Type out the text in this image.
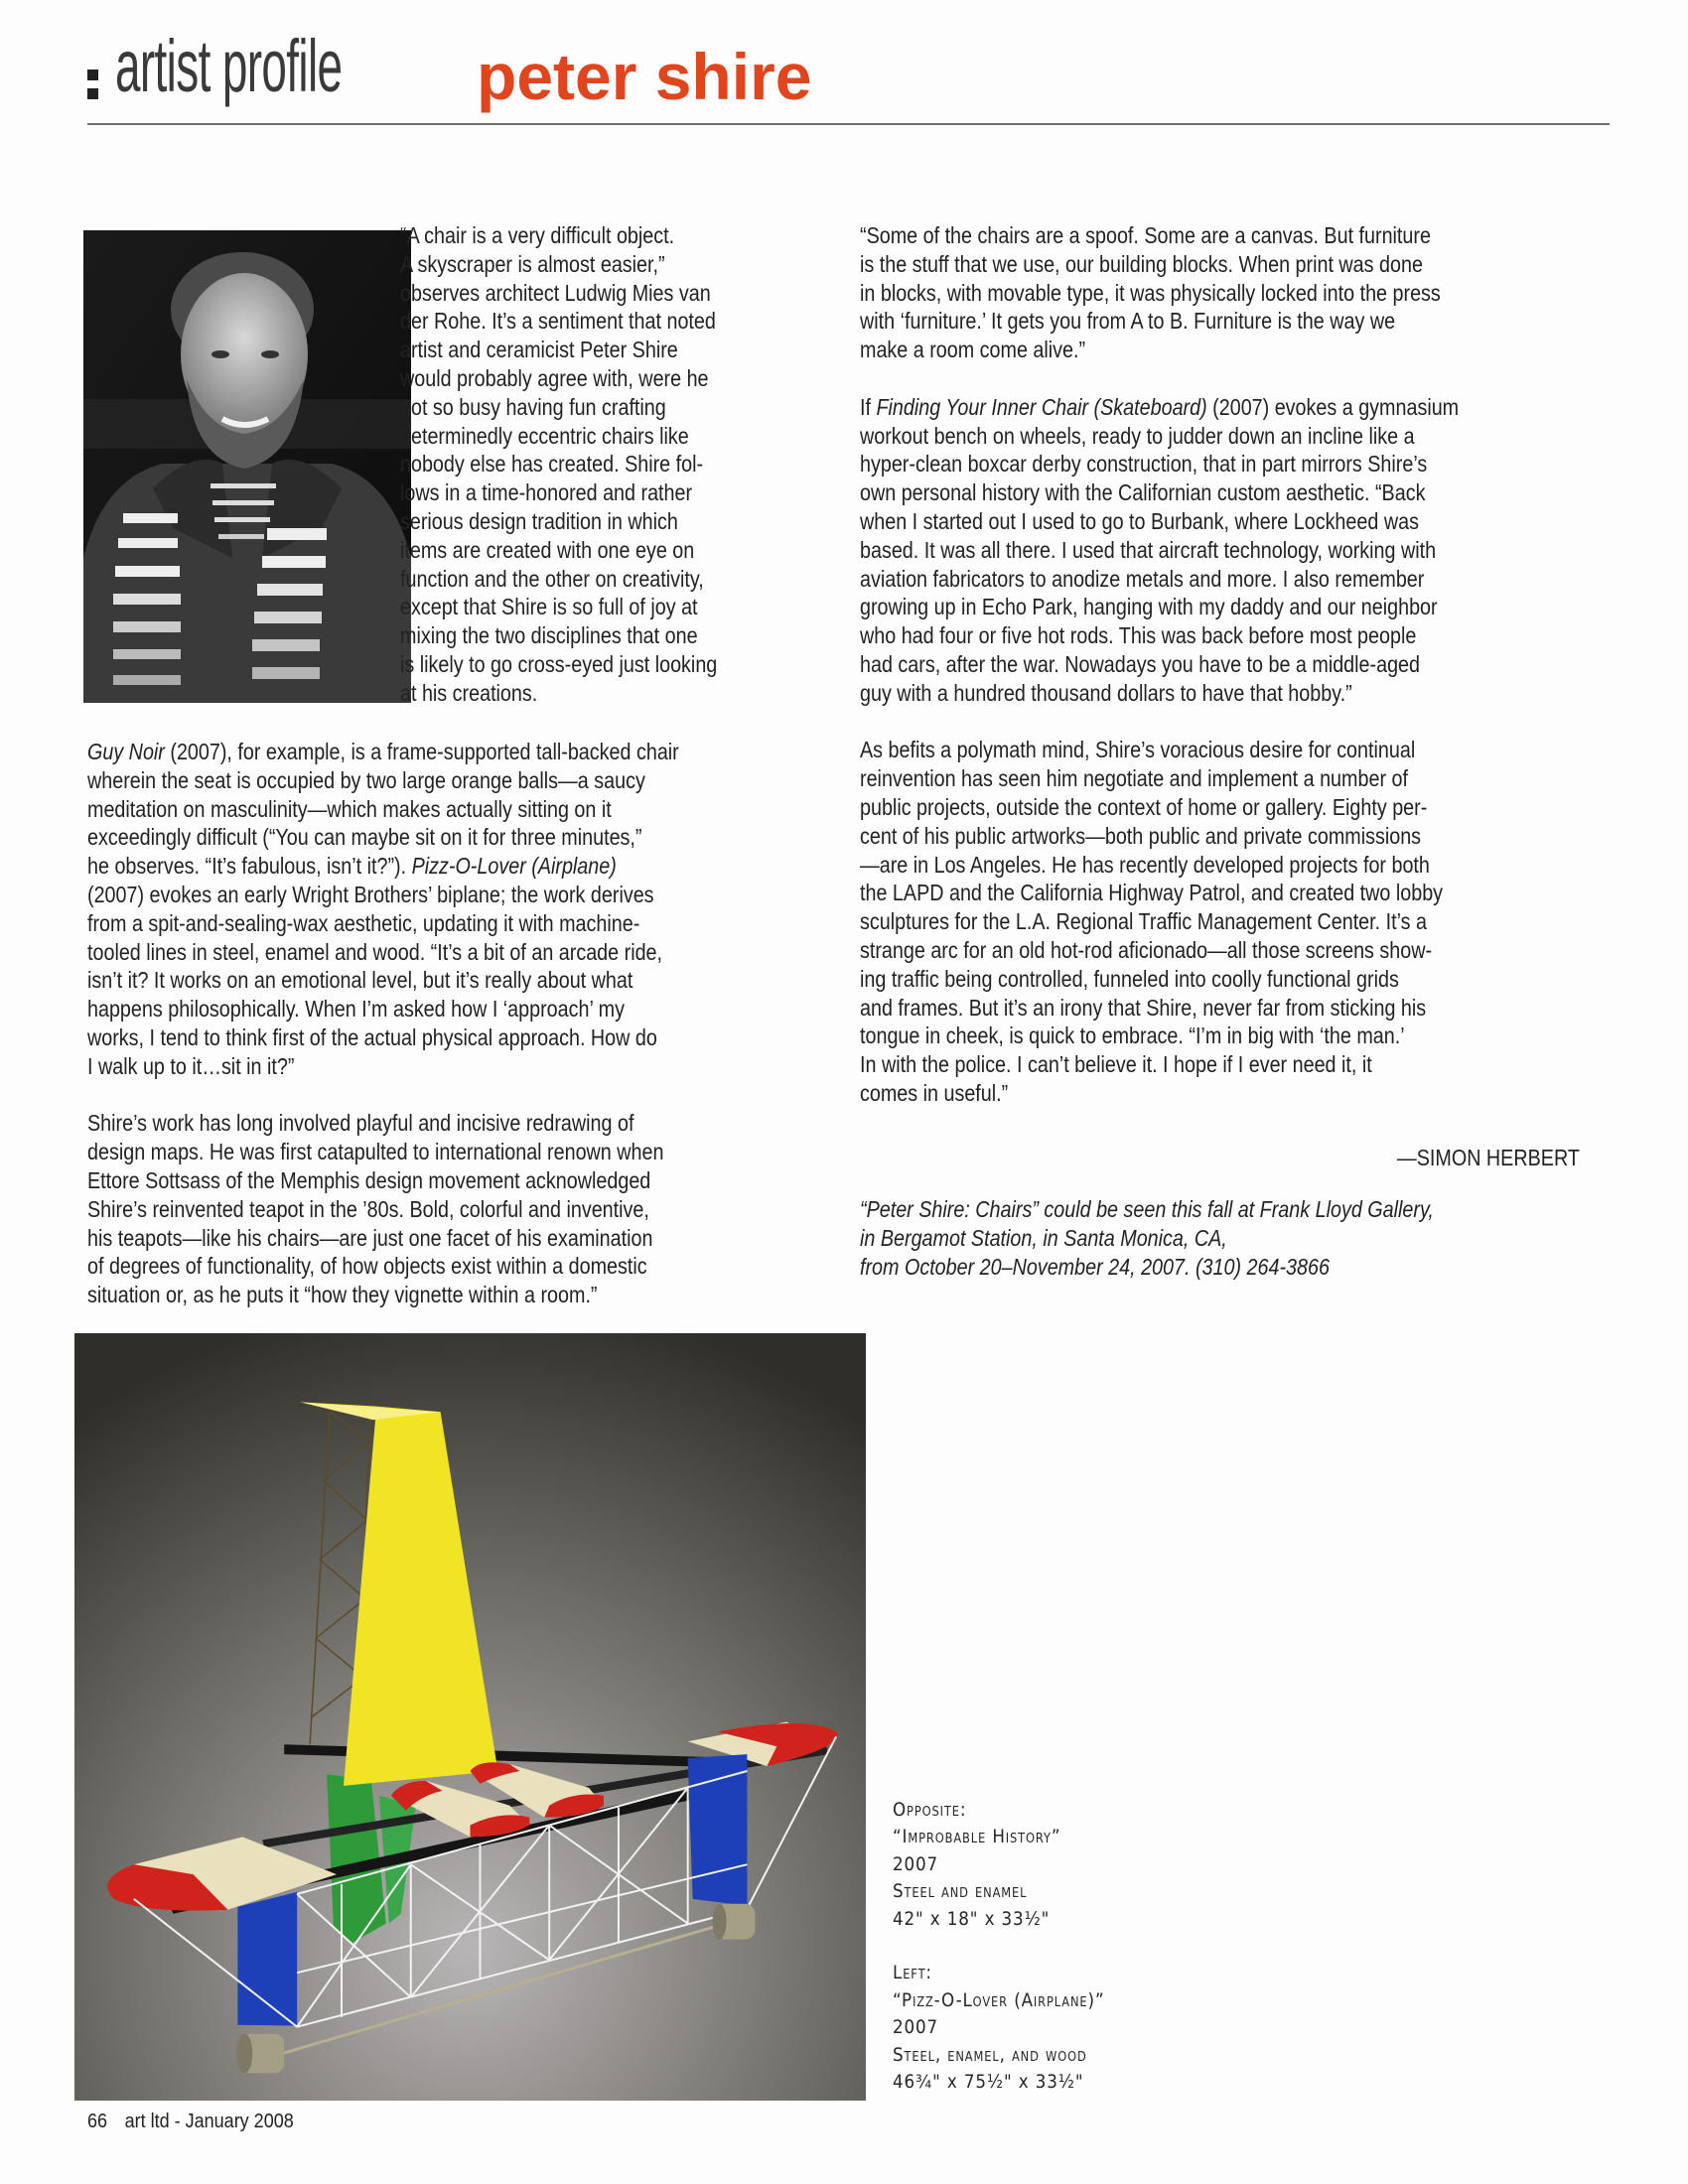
artist profile peter shire
“A chair is a very difficult object.
A skyscraper is almost easier,”
observes architect Ludwig Mies van
der Rohe. It’s a sentiment that noted
artist and ceramicist Peter Shire
would probably agree with, were he
not so busy having fun crafting
determinedly eccentric chairs like
nobody else has created. Shire fol-
lows in a time-honored and rather
serious design tradition in which
items are created with one eye on
function and the other on creativity,
except that Shire is so full of joy at
mixing the two disciplines that one
is likely to go cross-eyed just looking
at his creations.

Guy Noir (2007), for example, is a frame-supported tall-backed chair
wherein the seat is occupied by two large orange balls—a saucy
meditation on masculinity—which makes actually sitting on it
exceedingly difficult (“You can maybe sit on it for three minutes,”
he observes. “It’s fabulous, isn’t it?”). Pizz-O-Lover (Airplane)
(2007) evokes an early Wright Brothers’ biplane; the work derives
from a spit-and-sealing-wax aesthetic, updating it with machine-
tooled lines in steel, enamel and wood. “It’s a bit of an arcade ride,
isn’t it? It works on an emotional level, but it’s really about what
happens philosophically. When I’m asked how I ‘approach’ my
works, I tend to think first of the actual physical approach. How do
I walk up to it…sit in it?”

Shire’s work has long involved playful and incisive redrawing of
design maps. He was first catapulted to international renown when
Ettore Sottsass of the Memphis design movement acknowledged
Shire’s reinvented teapot in the ’80s. Bold, colorful and inventive,
his teapots—like his chairs—are just one facet of his examination
of degrees of functionality, of how objects exist within a domestic
situation or, as he puts it “how they vignette within a room.”

“Some of the chairs are a spoof. Some are a canvas. But furniture
is the stuff that we use, our building blocks. When print was done
in blocks, with movable type, it was physically locked into the press
with ‘furniture.’ It gets you from A to B. Furniture is the way we
make a room come alive.”

If Finding Your Inner Chair (Skateboard) (2007) evokes a gymnasium
workout bench on wheels, ready to judder down an incline like a
hyper-clean boxcar derby construction, that in part mirrors Shire’s
own personal history with the Californian custom aesthetic. “Back
when I started out I used to go to Burbank, where Lockheed was
based. It was all there. I used that aircraft technology, working with
aviation fabricators to anodize metals and more. I also remember
growing up in Echo Park, hanging with my daddy and our neighbor
who had four or five hot rods. This was back before most people
had cars, after the war. Nowadays you have to be a middle-aged
guy with a hundred thousand dollars to have that hobby.”

As befits a polymath mind, Shire’s voracious desire for continual
reinvention has seen him negotiate and implement a number of
public projects, outside the context of home or gallery. Eighty per-
cent of his public artworks—both public and private commissions
—are in Los Angeles. He has recently developed projects for both
the LAPD and the California Highway Patrol, and created two lobby
sculptures for the L.A. Regional Traffic Management Center. It’s a
strange arc for an old hot-rod aficionado—all those screens show-
ing traffic being controlled, funneled into coolly functional grids
and frames. But it’s an irony that Shire, never far from sticking his
tongue in cheek, is quick to embrace. “I’m in big with ‘the man.’
In with the police. I can’t believe it. I hope if I ever need it, it
comes in useful.”

—SIMON HERBERT
“Peter Shire: Chairs” could be seen this fall at Frank Lloyd Gallery,
in Bergamot Station, in Santa Monica, CA,
from October 20–November 24, 2007. (310) 264-3866
Opposite:
“Improbable History”
2007
Steel and enamel
42" x 18" x 33½"
Left:
“Pizz-O-Lover (Airplane)”
2007
Steel, enamel, and wood
46¾" x 75½" x 33½"
66 art ltd - January 2008
